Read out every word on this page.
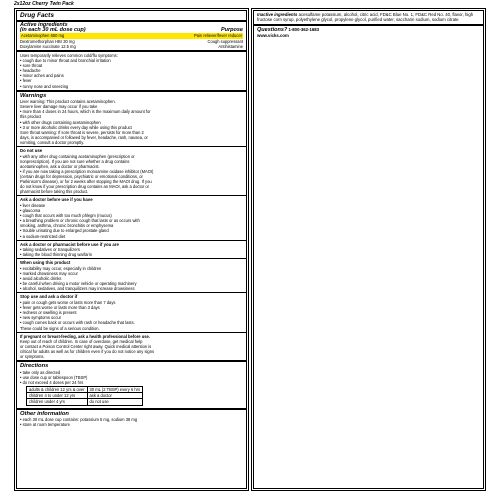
2x12oz Cherry Twin Pack
Drug Facts
Active ingredients
(in each 30 mL dose cup)	Purpose
Acetaminophen 650 mg	Pain reliever/fever reducer
Dextromethorphan HBr 30 mg	Cough suppressant
Doxylamine succinate 12.5 mg	Antihistamine
Uses temporarily relieves common cold/flu symptoms:
• cough due to minor throat and bronchial irritation
• sore throat
• headache
• minor aches and pains
• fever
• runny nose and sneezing
Warnings
Liver warning: This product contains acetaminophen.
Severe liver damage may occur if you take
• more than 4 doses in 24 hours, which is the maximum daily amount for
this product
• with other drugs containing acetaminophen
• 3 or more alcoholic drinks every day while using this product
Sore throat warning: If sore throat is severe, persists for more than 2
days, is accompanied or followed by fever, headache, rash, nausea, or
vomiting, consult a doctor promptly.
Do not use
• with any other drug containing acetaminophen (prescription or
nonprescription). If you are not sure whether a drug contains
acetaminophen, ask a doctor or pharmacist.
• if you are now taking a prescription monoamine oxidase inhibitor (MAOI)
(certain drugs for depression, psychiatric or emotional conditions, or
Parkinson's disease), or for 2 weeks after stopping the MAOI drug. If you
do not know if your prescription drug contains an MAOI, ask a doctor or
pharmacist before taking this product.
Ask a doctor before use if you have
• liver disease
• glaucoma
• cough that occurs with too much phlegm (mucus)
• a breathing problem or chronic cough that lasts or as occurs with
smoking, asthma, chronic bronchitis or emphysema
• trouble urinating due to enlarged prostate gland
• a sodium-restricted diet
Ask a doctor or pharmacist before use if you are
• taking sedatives or tranquilizers
• taking the blood thinning drug warfarin
When using this product
• excitability may occur, especially in children
• marked drowsiness may occur
• avoid alcoholic drinks
• be careful when driving a motor vehicle or operating machinery
• alcohol, sedatives, and tranquilizers may increase drowsiness
Stop use and ask a doctor if
• pain or cough gets worse or lasts more than 7 days
• fever gets worse or lasts more than 3 days
• redness or swelling is present
• new symptoms occur
• cough comes back or occurs with rash or headache that lasts.
These could be signs of a serious condition.
If pregnant or breast-feeding, ask a health professional before use.
Keep out of reach of children. In case of overdose, get medical help
or contact a Poison Control Center right away. Quick medical attention is
critical for adults as well as for children even if you do not notice any signs
or symptoms.
Directions
• take only as directed
• use dose cup or tablespoon (TBSP)
• do not exceed 4 doses per 24 hrs
adults & children 12 yrs & over	30 mL (2 TBSP) every 6 hrs
children 4 to under 12 yrs	ask a doctor
children under 4 yrs	do not use
Other information
• each 30 mL dose cup contains: potassium 5 mg, sodium 38 mg
• store at room temperature
Inactive ingredients acesulfame potassium, alcohol, citric acid, FD&C Blue No. 1, FD&C Red No. 40, flavor, high fructose corn syrup, polyethylene glycol, propylene glycol, purified water, saccharin sodium, sodium citrate
Questions? 1-800-362-1683
www.vicks.com
